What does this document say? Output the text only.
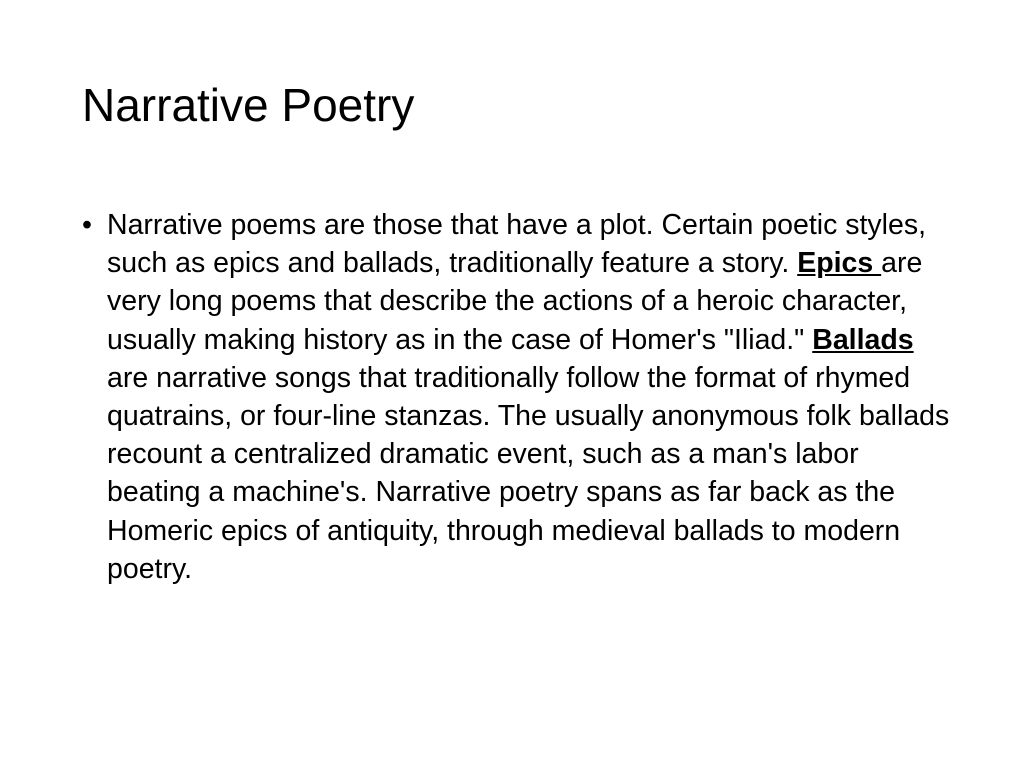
Narrative Poetry
• Narrative poems are those that have a plot. Certain poetic styles, such as epics and ballads, traditionally feature a story. Epics are very long poems that describe the actions of a heroic character, usually making history as in the case of Homer's "Iliad." Ballads are narrative songs that traditionally follow the format of rhymed quatrains, or four-line stanzas. The usually anonymous folk ballads recount a centralized dramatic event, such as a man's labor beating a machine's. Narrative poetry spans as far back as the Homeric epics of antiquity, through medieval ballads to modern poetry.
